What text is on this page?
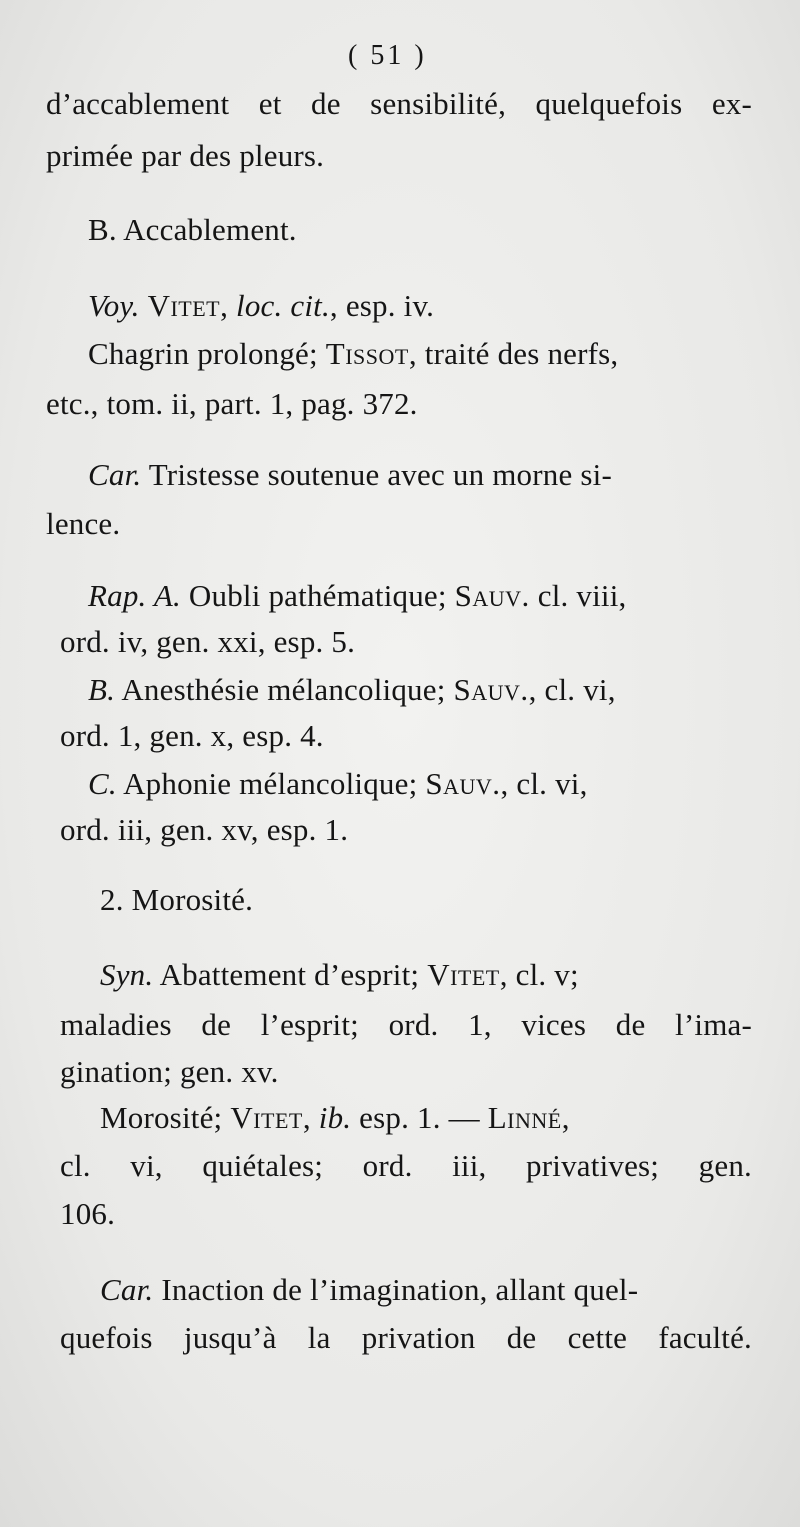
( 51 )
d’accablement et de sensibilité, quelquefois ex-
primée par des pleurs.
B. Accablement.
Voy. Vitet, loc. cit., esp. iv.
Chagrin prolongé; Tissot, traité des nerfs,
etc., tom. ii, part. 1, pag. 372.
Car. Tristesse soutenue avec un morne si-
lence.
Rap. A. Oubli pathématique; Sauv. cl. viii,
ord. iv, gen. xxi, esp. 5.
B. Anesthésie mélancolique; Sauv., cl. vi,
ord. 1, gen. x, esp. 4.
C. Aphonie mélancolique; Sauv., cl. vi,
ord. iii, gen. xv, esp. 1.
2. Morosité.
Syn. Abattement d’esprit; Vitet, cl. v;
maladies de l’esprit; ord. 1, vices de l’ima-
gination; gen. xv.
Morosité; Vitet, ib. esp. 1. — Linné,
cl. vi, quiétales; ord. iii, privatives; gen.
106.
Car. Inaction de l’imagination, allant quel-
quefois jusqu’à la privation de cette faculté.
